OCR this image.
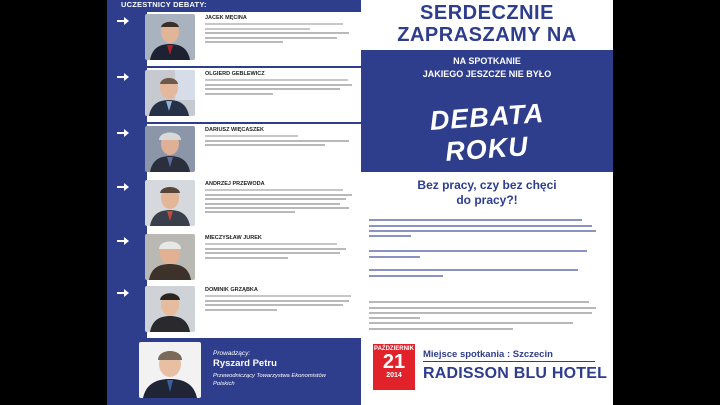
UCZESTNICY DEBATY:
JACEK MĘCINA
OLGIERD GEBLEWICZ
DARIUSZ WIĘCASZEK
ANDRZEJ PRZEWODA
MIECZYSŁAW JUREK
DOMINIK GRZĄBKA
Prowadzący:
Ryszard Petru
Przewodniczący Towarzystwa Ekonomistów Polskich
SERDECZNIE
ZAPRASZAMY NA
NA SPOTKANIE
JAKIEGO JESZCZE NIE BYŁO
DEBATA
ROKU
Bez pracy, czy bez chęci
do pracy?!
PAŹDZIERNIK
21
2014
Miejsce spotkania : Szczecin
RADISSON BLU HOTEL
